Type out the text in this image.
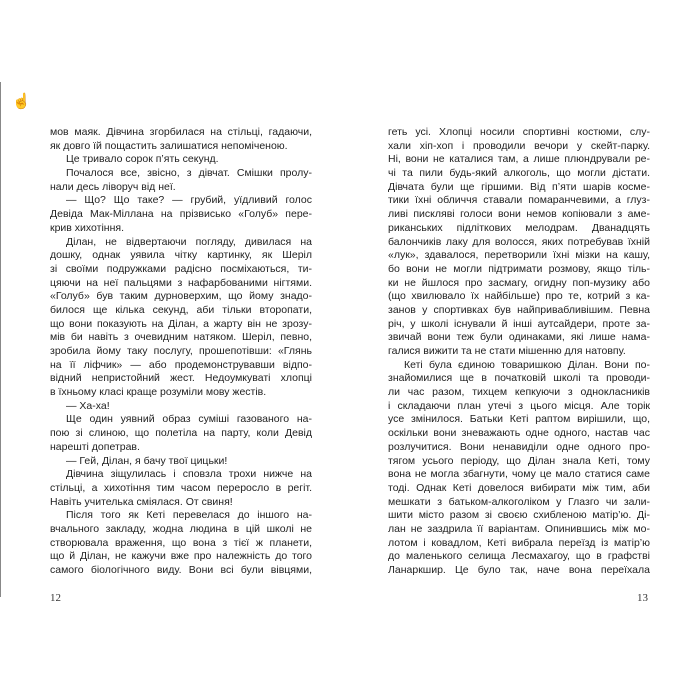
☝
мов маяк. Дівчина згорбилася на стільці, гадаючи,
як довго їй пощастить залишатися непоміченою.
Це тривало сорок п’ять секунд.
Почалося все, звісно, з дівчат. Смішки пролу-
нали десь ліворуч від неї.
— Що? Що таке? — грубий, уїдливий голос
Девіда Мак-Міллана на прізвисько «Голуб» пере-
крив хихотіння.
Ділан, не відвертаючи погляду, дивилася на
дошку, однак уявила чітку картинку, як Шеріл
зі своїми подружками радісно посміхаються, ти-
цяючи на неї пальцями з нафарбованими нігтями.
«Голуб» був таким дурноверхим, що йому знадо-
билося ще кілька секунд, аби тільки второпати,
що вони показують на Ділан, а жарту він не зрозу-
мів би навіть з очевидним натяком. Шеріл, певно,
зробила йому таку послугу, прошепотівши: «Глянь
на її ліфчик» — або продемонструвавши відпо-
відний непристойний жест. Недоумкуваті хлопці
в їхньому класі краще розуміли мову жестів.
— Ха-ха!
Ще один уявний образ суміші газованого на-
пою зі слиною, що полетіла на парту, коли Девід
нарешті допетрав.
— Гей, Ділан, я бачу твої цицьки!
Дівчина зіщулилась і сповзла трохи нижче на
стільці, а хихотіння тим часом переросло в регіт.
Навіть учителька сміялася. От свиня!
Після того як Кеті перевелася до іншого на-
вчального закладу, жодна людина в цій школі не
створювала враження, що вона з тієї ж планети,
що й Ділан, не кажучи вже про належність до того
самого біологічного виду. Вони всі були вівцями,
геть усі. Хлопці носили спортивні костюми, слу-
хали хіп-хоп і проводили вечори у скейт-парку.
Ні, вони не каталися там, а лише плюндрували ре-
чі та пили будь-який алкоголь, що могли дістати.
Дівчата були ще гіршими. Від п’яти шарів косме-
тики їхні обличчя ставали помаранчевими, а глуз-
ливі пискляві голоси вони немов копіювали з аме-
риканських підліткових мелодрам. Дванадцять
балончиків лаку для волосся, яких потребував їхній
«лук», здавалося, перетворили їхні мізки на кашу,
бо вони не могли підтримати розмову, якщо тіль-
ки не йшлося про засмагу, огидну поп-музику або
(що хвилювало їх найбільше) про те, котрий з ка-
занов у спортивках був найпривабливішим. Певна
річ, у школі існували й інші аутсайдери, проте за-
звичай вони теж були одинаками, які лише нама-
галися вижити та не стати мішенню для натовпу.
Кеті була єдиною товаришкою Ділан. Вони по-
знайомилися ще в початковій школі та проводи-
ли час разом, тихцем кепкуючи з однокласників
і складаючи план утечі з цього місця. Але торік
усе змінилося. Батьки Кеті раптом вирішили, що,
оскільки вони зневажають одне одного, настав час
розлучитися. Вони ненавиділи одне одного про-
тягом усього періоду, що Ділан знала Кеті, тому
вона не могла збагнути, чому це мало статися саме
тоді. Однак Кеті довелося вибирати між тим, аби
мешкати з батьком-алкоголіком у Глазго чи зали-
шити місто разом зі своєю схибленою матір’ю. Ді-
лан не заздрила її варіантам. Опинившись між мо-
лотом і ковадлом, Кеті вибрала переїзд із матір’ю
до маленького селища Лесмахагоу, що в графстві
Ланаркшир. Це було так, наче вона переїхала
12	13
